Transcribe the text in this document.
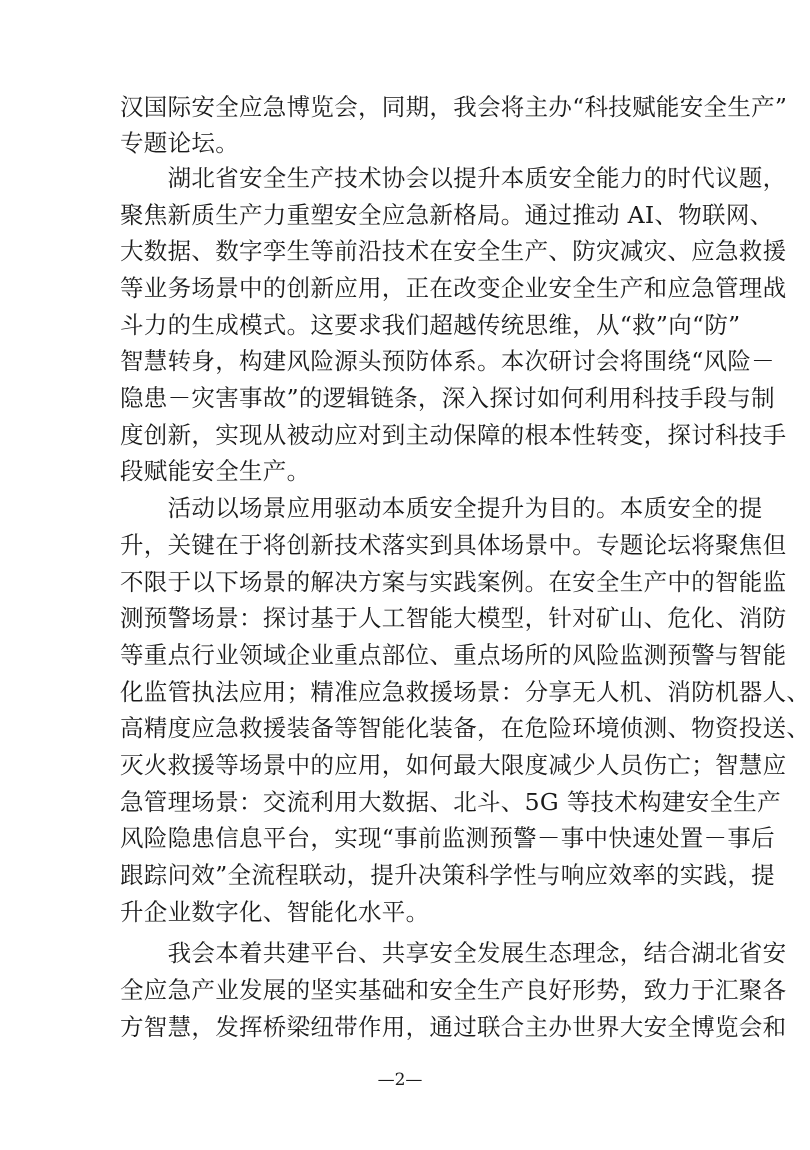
汉国际安全应急博览会，同期，我会将主办“科技赋能安全生产”
专题论坛。
　　湖北省安全生产技术协会以提升本质安全能力的时代议题，
聚焦新质生产力重塑安全应急新格局。通过推动 AI、物联网、
大数据、数字孪生等前沿技术在安全生产、防灾减灾、应急救援
等业务场景中的创新应用，正在改变企业安全生产和应急管理战
斗力的生成模式。这要求我们超越传统思维，从“救”向“防”
智慧转身，构建风险源头预防体系。本次研讨会将围绕“风险－
隐患－灾害事故”的逻辑链条，深入探讨如何利用科技手段与制
度创新，实现从被动应对到主动保障的根本性转变，探讨科技手
段赋能安全生产。
　　活动以场景应用驱动本质安全提升为目的。本质安全的提
升，关键在于将创新技术落实到具体场景中。专题论坛将聚焦但
不限于以下场景的解决方案与实践案例。在安全生产中的智能监
测预警场景：探讨基于人工智能大模型，针对矿山、危化、消防
等重点行业领域企业重点部位、重点场所的风险监测预警与智能
化监管执法应用；精准应急救援场景：分享无人机、消防机器人、
高精度应急救援装备等智能化装备，在危险环境侦测、物资投送、
灭火救援等场景中的应用，如何最大限度减少人员伤亡；智慧应
急管理场景：交流利用大数据、北斗、5G 等技术构建安全生产
风险隐患信息平台，实现“事前监测预警－事中快速处置－事后
跟踪问效”全流程联动，提升决策科学性与响应效率的实践，提
升企业数字化、智能化水平。
　　我会本着共建平台、共享安全发展生态理念，结合湖北省安
全应急产业发展的坚实基础和安全生产良好形势，致力于汇聚各
方智慧，发挥桥梁纽带作用，通过联合主办世界大安全博览会和
—2—
